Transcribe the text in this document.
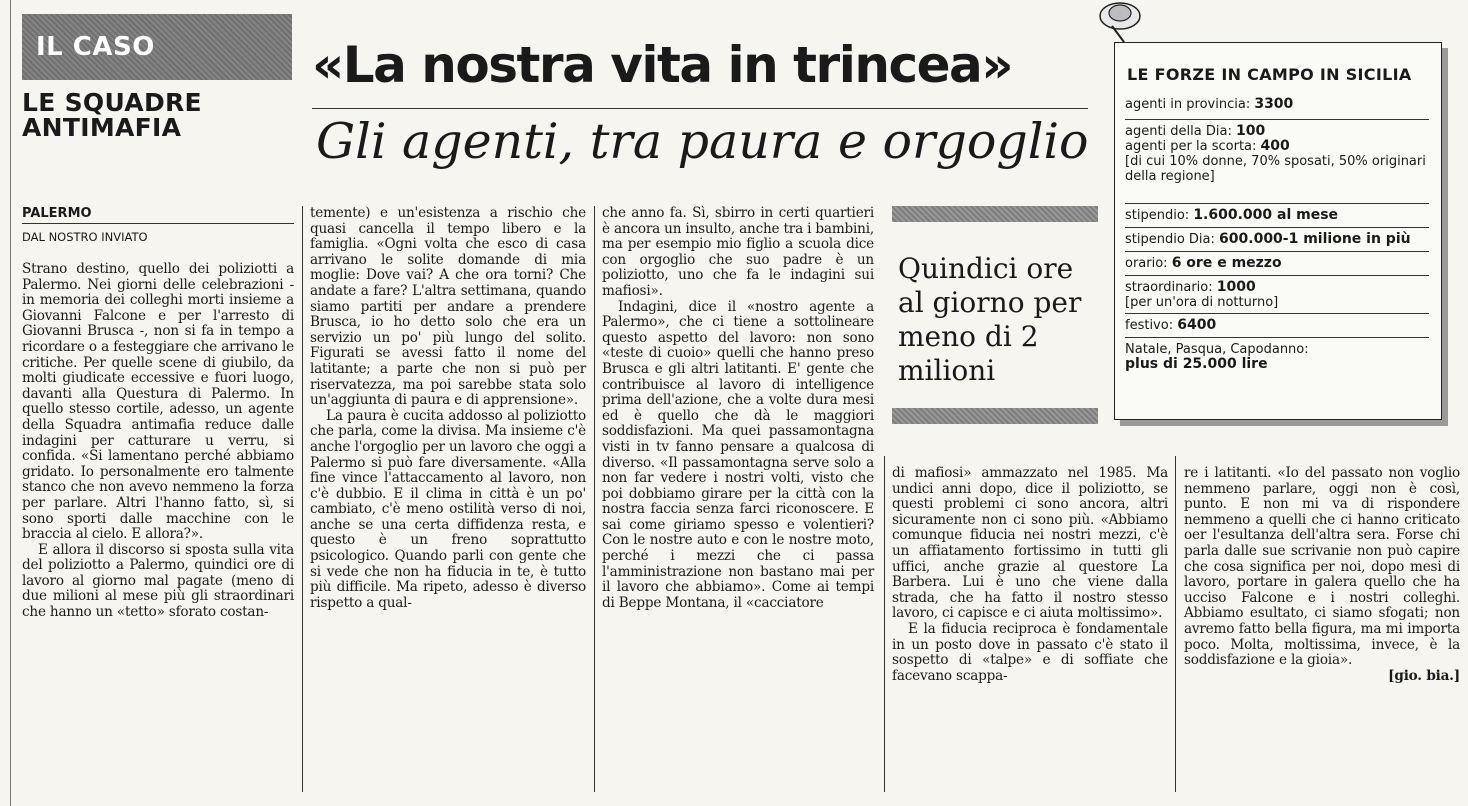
IL CASO
LE SQUADRE ANTIMAFIA
«La nostra vita in trincea»
Gli agenti, tra paura e orgoglio
PALERMO
DAL NOSTRO INVIATO

Strano destino, quello dei poliziotti a Palermo. Nei giorni delle celebrazioni - in memoria dei colleghi morti insieme a Giovanni Falcone e per l'arresto di Giovanni Brusca -, non si fa in tempo a ricordare o a festeggiare che arrivano le critiche. Per quelle scene di giubilo, da molti giudicate eccessive e fuori luogo, davanti alla Questura di Palermo. In quello stesso cortile, adesso, un agente della Squadra antimafia reduce dalle indagini per catturare u verru, si confida. «Si lamentano perché abbiamo gridato. Io personalmente ero talmente stanco che non avevo nemmeno la forza per parlare. Altri l'hanno fatto, sì, si sono sporti dalle macchine con le braccia al cielo. E allora?».

E allora il discorso si sposta sulla vita del poliziotto a Palermo, quindici ore di lavoro al giorno mal pagate (meno di due milioni al mese più gli straordinari che hanno un «tetto» sforato costan-

temente) e un'esistenza a rischio che quasi cancella il tempo libero e la famiglia. «Ogni volta che esco di casa arrivano le solite domande di mia moglie: Dove vai? A che ora torni? Che andate a fare? L'altra settimana, quando siamo partiti per andare a prendere Brusca, io ho detto solo che era un servizio un po' più lungo del solito. Figurati se avessi fatto il nome del latitante; a parte che non si può per riservatezza, ma poi sarebbe stata solo un'aggiunta di paura e di apprensione».

La paura è cucita addosso al poliziotto che parla, come la divisa. Ma insieme c'è anche l'orgoglio per un lavoro che oggi a Palermo si può fare diversamente. «Alla fine vince l'attaccamento al lavoro, non c'è dubbio. E il clima in città è un po' cambiato, c'è meno ostilità verso di noi, anche se una certa diffidenza resta, e questo è un freno soprattutto psicologico. Quando parli con gente che si vede che non ha fiducia in te, è tutto più difficile. Ma ripeto, adesso è diverso rispetto a qual-

che anno fa. Sì, sbirro in certi quartieri è ancora un insulto, anche tra i bambini, ma per esempio mio figlio a scuola dice con orgoglio che suo padre è un poliziotto, uno che fa le indagini sui mafiosi».

Indagini, dice il «nostro agente a Palermo», che ci tiene a sottolineare questo aspetto del lavoro: non sono «teste di cuoio» quelli che hanno preso Brusca e gli altri latitanti. E' gente che contribuisce al lavoro di intelligence prima dell'azione, che a volte dura mesi ed è quello che dà le maggiori soddisfazioni. Ma quei passamontagna visti in tv fanno pensare a qualcosa di diverso. «Il passamontagna serve solo a non far vedere i nostri volti, visto che poi dobbiamo girare per la città con la nostra faccia senza farci riconoscere. E sai come giriamo spesso e volentieri? Con le nostre auto e con le nostre moto, perché i mezzi che ci passa l'amministrazione non bastano mai per il lavoro che abbiamo». Come ai tempi di Beppe Montana, il «cacciatore

Quindici ore al giorno per meno di 2 milioni

di mafiosi» ammazzato nel 1985. Ma undici anni dopo, dice il poliziotto, se questi problemi ci sono ancora, altri sicuramente non ci sono più. «Abbiamo comunque fiducia nei nostri mezzi, c'è un affiatamento fortissimo in tutti gli uffici, anche grazie al questore La Barbera. Lui è uno che viene dalla strada, che ha fatto il nostro stesso lavoro, ci capisce e ci aiuta moltissimo».

E la fiducia reciproca è fondamentale in un posto dove in passato c'è stato il sospetto di «talpe» e di soffiate che facevano scappa-

re i latitanti. «Io del passato non voglio nemmeno parlare, oggi non è così, punto. E non mi va di rispondere nemmeno a quelli che ci hanno criticato oer l'esultanza dell'altra sera. Forse chi parla dalle sue scrivanie non può capire che cosa significa per noi, dopo mesi di lavoro, portare in galera quello che ha ucciso Falcone e i nostri colleghi. Abbiamo esultato, ci siamo sfogati; non avremo fatto bella figura, ma mi importa poco. Molta, moltissima, invece, è la soddisfazione e la gioia».

[gio. bia.]

LE FORZE IN CAMPO IN SICILIA
agenti in provincia: 3300
agenti della Dia: 100
agenti per la scorta: 400
[di cui 10% donne, 70% sposati, 50% originari della regione]
stipendio: 1.600.000 al mese
stipendio Dia: 600.000-1 milione in più
orario: 6 ore e mezzo
straordinario: 1000
[per un'ora di notturno]
festivo: 6400
Natale, Pasqua, Capodanno:
plus di 25.000 lire
